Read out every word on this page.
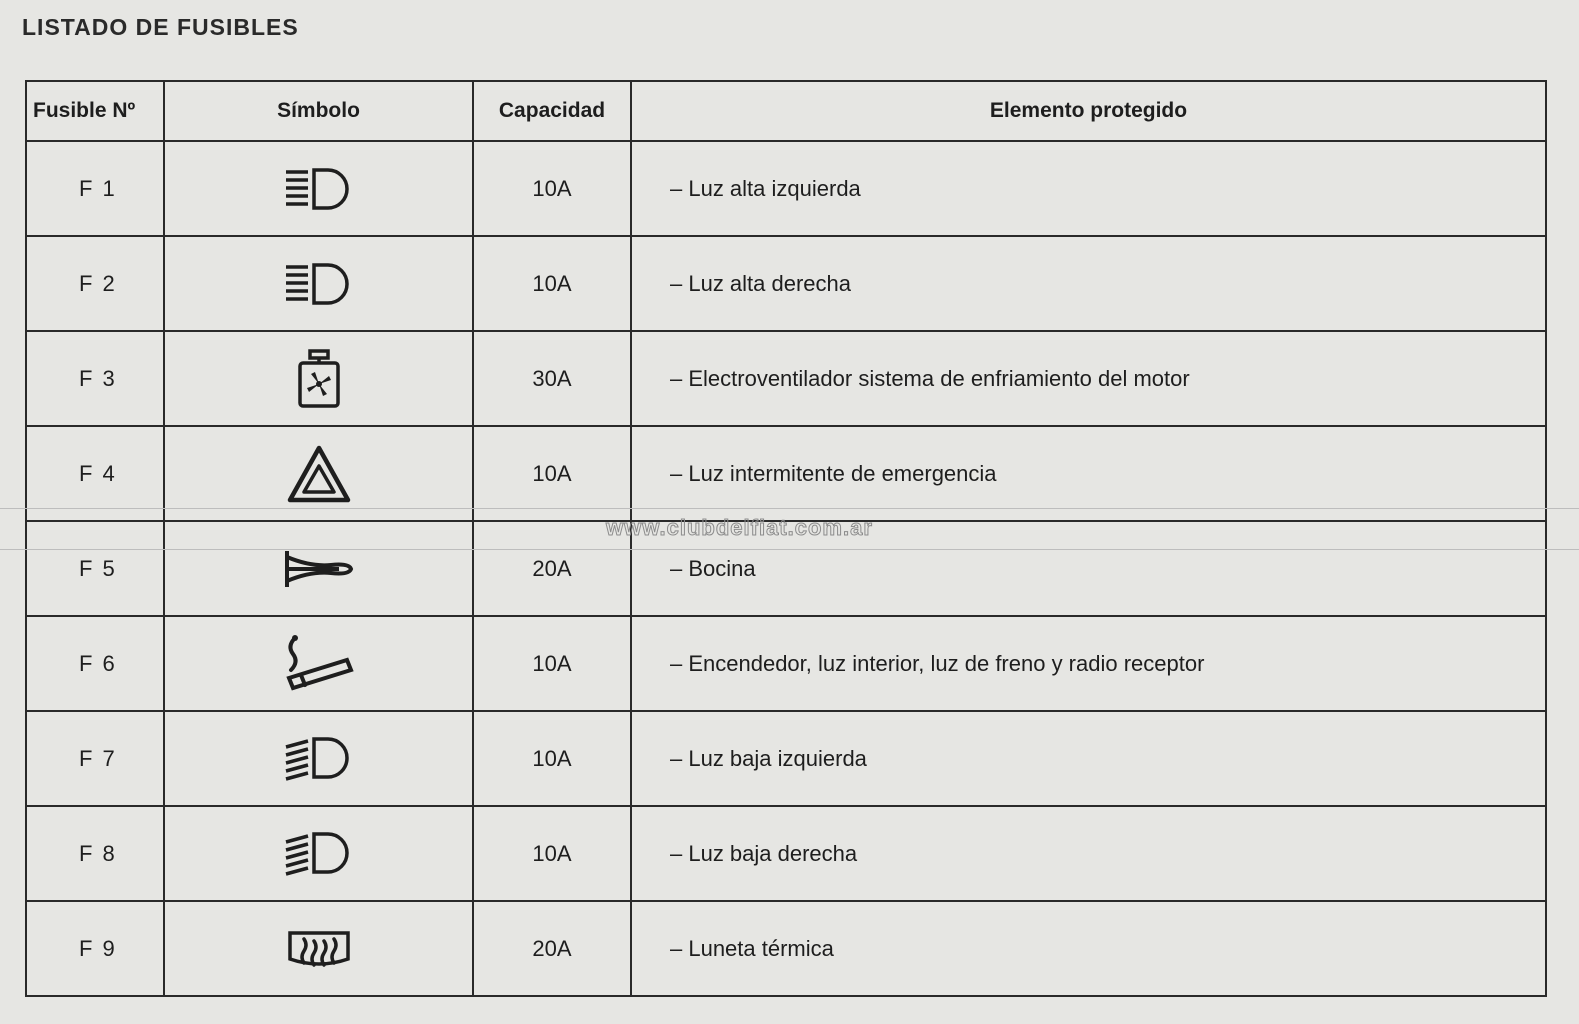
LISTADO DE FUSIBLES
Fusible Nº	Símbolo	Capacidad	Elemento protegido
F 1		10A	– Luz alta izquierda
F 2		10A	– Luz alta derecha
F 3		30A	– Electroventilador sistema de enfriamiento del motor
F 4		10A	– Luz intermitente de emergencia
F 5		20A	– Bocina
F 6		10A	– Encendedor, luz interior, luz de freno y radio receptor
F 7		10A	– Luz baja izquierda
F 8		10A	– Luz baja derecha
F 9		20A	– Luneta térmica
www.clubdelfiat.com.ar
